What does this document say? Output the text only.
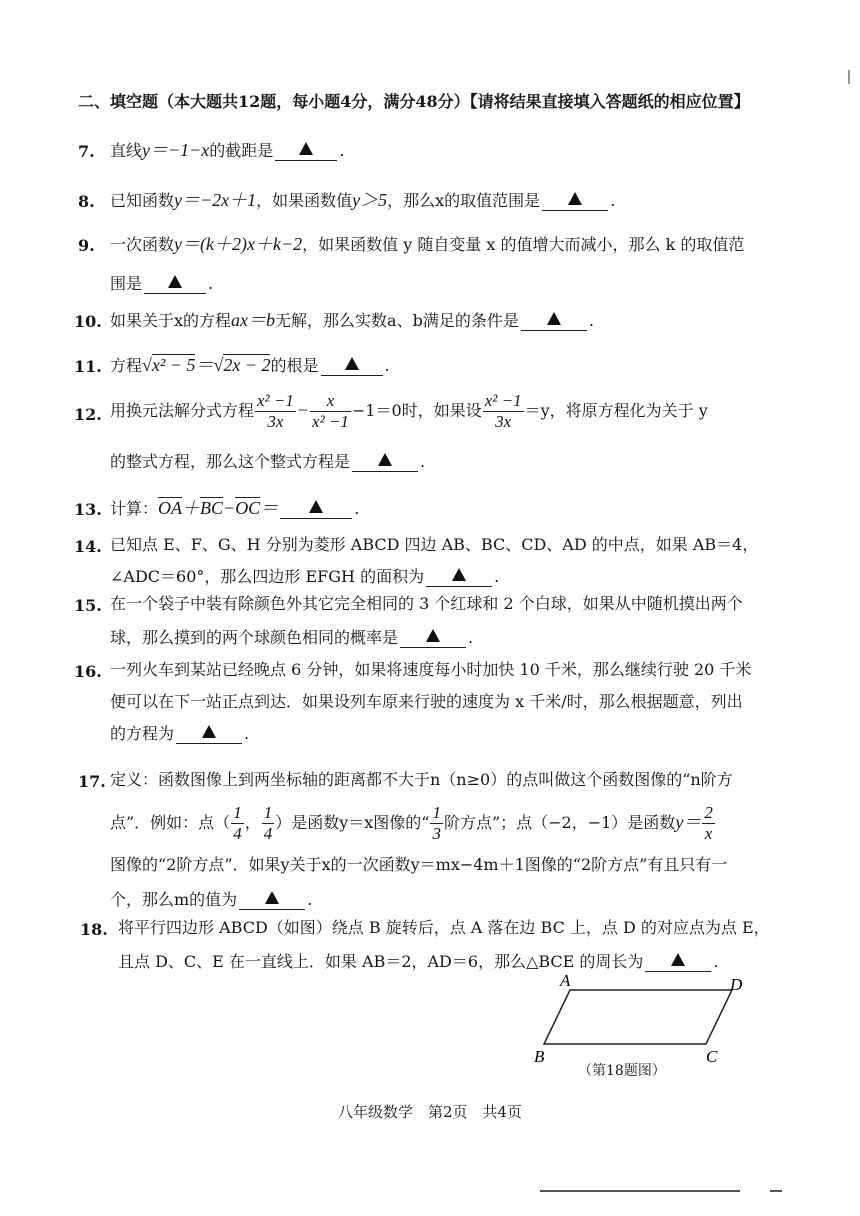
二、填空题（本大题共12题，每小题4分，满分48分）【请将结果直接填入答题纸的相应位置】
7. 直线y＝−1−x的截距是	.
8. 已知函数y＝−2x＋1，如果函数值y＞5，那么x的取值范围是	.
9. 一次函数y＝(k＋2)x＋k−2，如果函数值 y 随自变量 x 的值增大而减小，那么 k 的取值范
围是	.
10. 如果关于x的方程ax＝b无解，那么实数a、b满足的条件是	.
11. 方程√x² − 5＝√2x − 2的根是	.
12. 用换元法解分式方程 $\frac{\text{x² −1}}{3x} - \frac{x}{\text{x² −1}} -1=0$时，如果设 $\frac{\text{x² −1}}{3x} =y$，将原方程化为关于 y
的整式方程，那么这个整式方程是	.
13. 计算：OA＋BC−OC＝	.
14. 已知点 E、F、G、H 分别为菱形 ABCD 四边 AB、BC、CD、AD 的中点，如果 AB＝4，
∠ADC＝60°，那么四边形 EFGH 的面积为	.
15. 在一个袋子中装有除颜色外其它完全相同的 3 个红球和 2 个白球，如果从中随机摸出两个
球，那么摸到的两个球颜色相同的概率是	.
16. 一列火车到某站已经晚点 6 分钟，如果将速度每小时加快 10 千米，那么继续行驶 20 千米
便可以在下一站正点到达．如果设列车原来行驶的速度为 x 千米/时，那么根据题意，列出
的方程为	.
17. 定义：函数图像上到两坐标轴的距离都不大于n（n≥0）的点叫做这个函数图像的“n阶方
点”．例如：点（ $\frac{1}{4}$ ， $\frac{1}{4}$ ）是函数y＝x图像的“ $\frac{1}{3}$ 阶方点”；点（−2，−1）是函数$y= \frac{2}{x}$
图像的“2阶方点”．如果y关于x的一次函数y＝mx−4m＋1图像的“2阶方点”有且只有一
个，那么m的值为	.
18. 将平行四边形 ABCD（如图）绕点 B 旋转后，点 A 落在边 BC 上，点 D 的对应点为点 E，
且点 D、C、E 在一直线上．如果 AB＝2，AD＝6，那么△BCE 的周长为	.
A	D
B	C
（第18题图）
八年级数学　第2页　共4页
